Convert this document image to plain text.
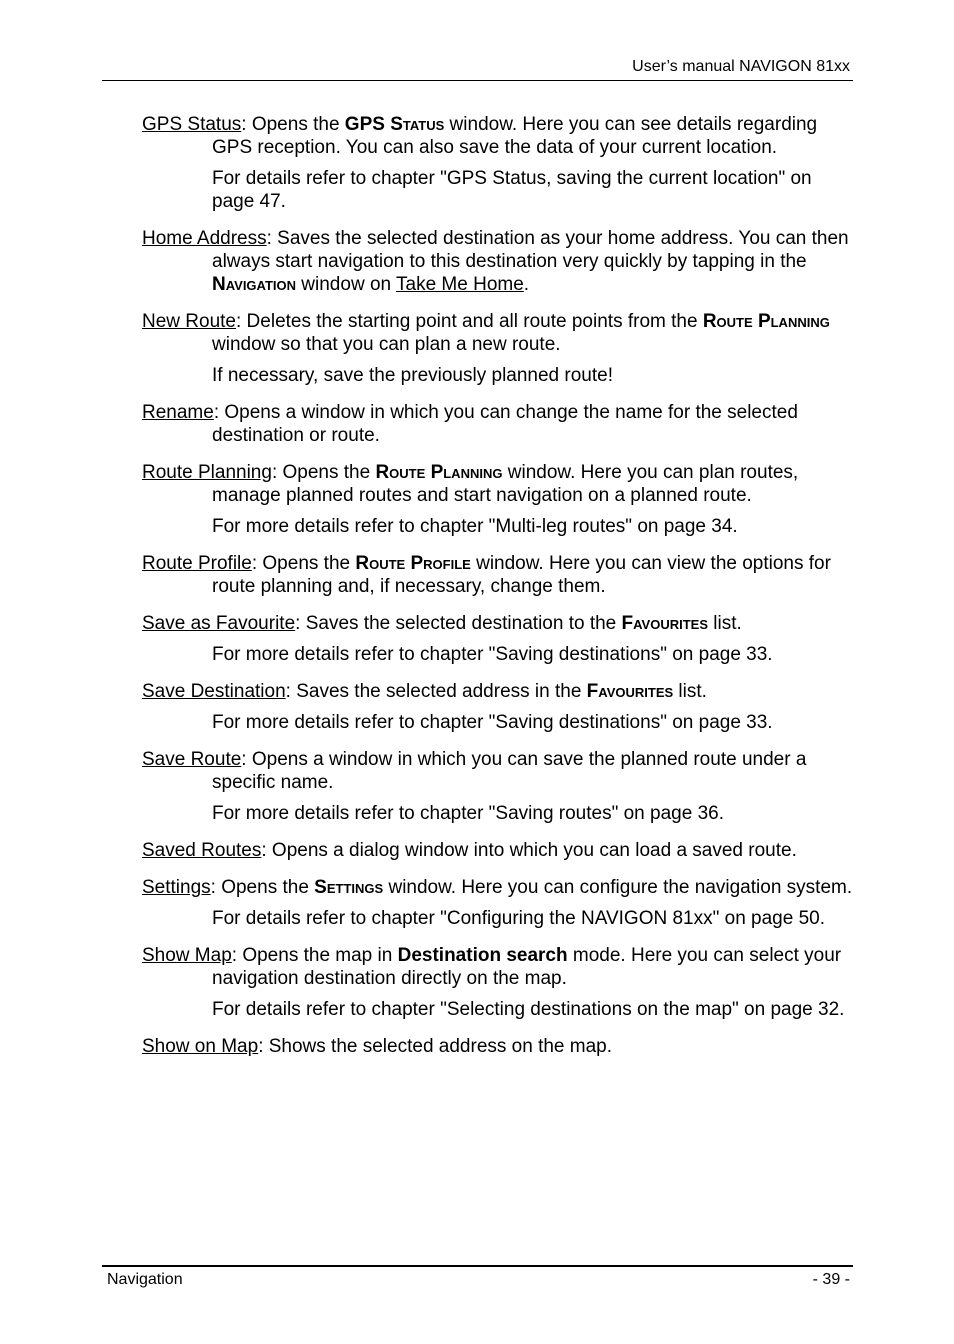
User’s manual NAVIGON 81xx

GPS Status: Opens the GPS Status window. Here you can see details regarding GPS reception. You can also save the data of your current location.

For details refer to chapter "GPS Status, saving the current location" on page 47.

Home Address: Saves the selected destination as your home address. You can then always start navigation to this destination very quickly by tapping in the Navigation window on Take Me Home.

New Route: Deletes the starting point and all route points from the Route Planning window so that you can plan a new route.

If necessary, save the previously planned route!

Rename: Opens a window in which you can change the name for the selected destination or route.

Route Planning: Opens the Route Planning window. Here you can plan routes, manage planned routes and start navigation on a planned route.

For more details refer to chapter "Multi-leg routes" on page 34.

Route Profile: Opens the Route Profile window. Here you can view the options for route planning and, if necessary, change them.

Save as Favourite: Saves the selected destination to the Favourites list.

For more details refer to chapter "Saving destinations" on page 33.

Save Destination: Saves the selected address in the Favourites list.

For more details refer to chapter "Saving destinations" on page 33.

Save Route: Opens a window in which you can save the planned route under a specific name.

For more details refer to chapter "Saving routes" on page 36.

Saved Routes: Opens a dialog window into which you can load a saved route.

Settings: Opens the Settings window. Here you can configure the navigation system.

For details refer to chapter "Configuring the NAVIGON 81xx" on page 50.

Show Map: Opens the map in Destination search mode. Here you can select your navigation destination directly on the map.

For details refer to chapter "Selecting destinations on the map" on page 32.

Show on Map: Shows the selected address on the map.

Navigation	- 39 -
